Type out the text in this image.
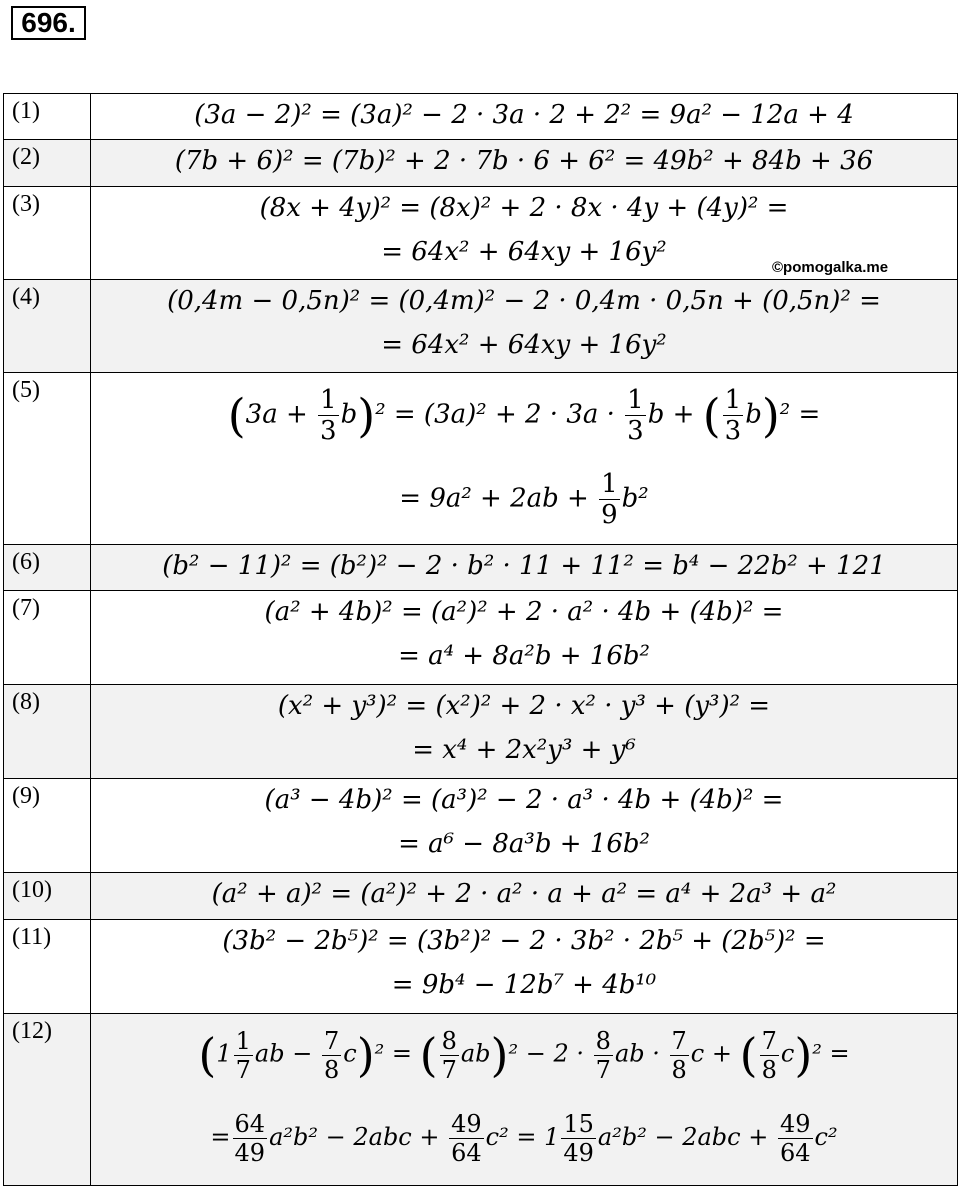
696.
(1)	(3a − 2)² = (3a)² − 2 · 3a · 2 + 2² = 9a² − 12a + 4
(2)	(7b + 6)² = (7b)² + 2 · 7b · 6 + 6² = 49b² + 84b + 36
(3)	(8x + 4y)² = (8x)² + 2 · 8x · 4y + (4y)² =
= 64x² + 64xy + 16y²
(4)	(0,4m − 0,5n)² = (0,4m)² − 2 · 0,4m · 0,5n + (0,5n)² =
= 64x² + 64xy + 16y²
(5)	$(3a + \frac{1}{3} b)^2 = (3a)^2 + 2 \cdot 3a \cdot \frac{1}{3}$ b + ( $\frac{1}{3} b)^2$ =
= $9a^2 + 2ab + \frac{1}{9} b^2$
(6)	(b² − 11)² = (b²)² − 2 · b² · 11 + 11² = b⁴ − 22b² + 121
(7)	(a² + 4b)² = (a²)² + 2 · a² · 4b + (4b)² =
= a⁴ + 8a²b + 16b²
(8)	(x² + y³)² = (x²)² + 2 · x² · y³ + (y³)² =
= x⁴ + 2x²y³ + y⁶
(9)	(a³ − 4b)² = (a³)² − 2 · a³ · 4b + (4b)² =
= a⁶ − 8a³b + 16b²
(10)	(a² + a)² = (a²)² + 2 · a² · a + a² = a⁴ + 2a³ + a²
(11)	(3b² − 2b⁵)² = (3b²)² − 2 · 3b² · 2b⁵ + (2b⁵)² =
= 9b⁴ − 12b⁷ + 4b¹⁰
(12)	($1 \frac{1}{7}$ ab − $\frac{7}{8} c)^2$ = ( $\frac{8}{7} ab)^2 - 2 \cdot \frac{8}{7}$ ab · $\frac{7}{8}$ c + ( $\frac{7}{8} c)^2$ =
= $\frac{64}{49} a^2b^2 - 2abc + \frac{49}{64} c^2 = 1 \frac{15}{49} a^2b^2 - 2abc + \frac{49}{64} c^2$
©pomogalka.me
